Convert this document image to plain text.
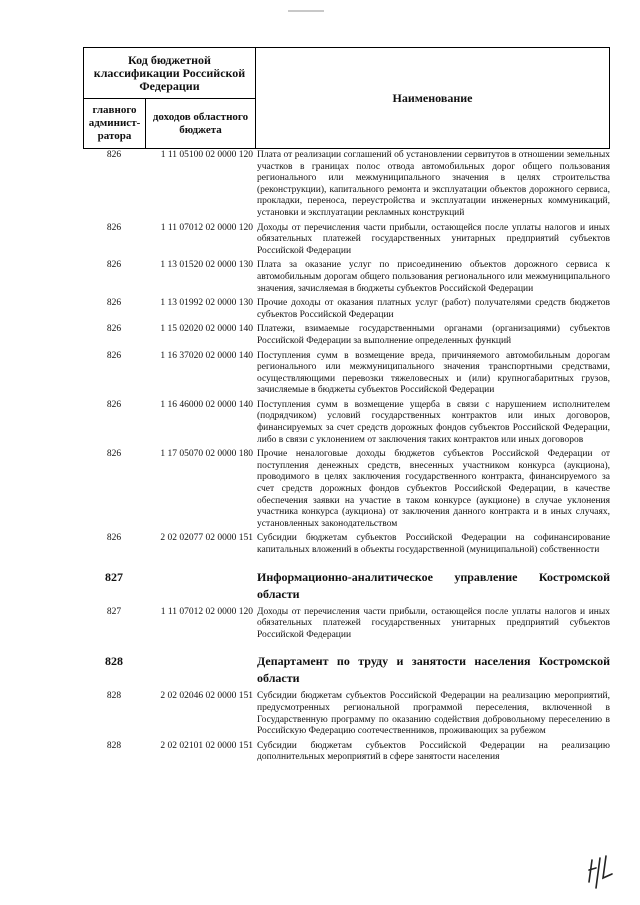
Код бюджетной классификации Российской Федерации		Наименование
главного админист-ратора	доходов областного бюджета	
826	1 11 05100 02 0000 120 Плата от реализации соглашений об установлении сервитутов в отношении земельных участков в границах полос отвода автомобильных дорог общего пользования регионального или межмуниципального значения в целях строительства (реконструкции), капитального ремонта и эксплуатации объектов дорожного сервиса, прокладки, переноса, переустройства и эксплуатации инженерных коммуникаций, установки и эксплуатации рекламных конструкций
826	1 11 07012 02 0000 120 Доходы от перечисления части прибыли, остающейся после уплаты налогов и иных обязательных платежей государственных унитарных предприятий субъектов Российской Федерации
826	1 13 01520 02 0000 130 Плата за оказание услуг по присоединению объектов дорожного сервиса к автомобильным дорогам общего пользования регионального или межмуниципального значения, зачисляемая в бюджеты субъектов Российской Федерации
826	1 13 01992 02 0000 130 Прочие доходы от оказания платных услуг (работ) получателями средств бюджетов субъектов Российской Федерации
826	1 15 02020 02 0000 140 Платежи, взимаемые государственными органами (организациями) субъектов Российской Федерации за выполнение определенных функций
826	1 16 37020 02 0000 140 Поступления сумм в возмещение вреда, причиняемого автомобильным дорогам регионального или межмуниципального значения транспортными средствами, осуществляющими перевозки тяжеловесных и (или) крупногабаритных грузов, зачисляемые в бюджеты субъектов Российской Федерации
826	1 16 46000 02 0000 140 Поступления сумм в возмещение ущерба в связи с нарушением исполнителем (подрядчиком) условий государственных контрактов или иных договоров, финансируемых за счет средств дорожных фондов субъектов Российской Федерации, либо в связи с уклонением от заключения таких контрактов или иных договоров
826	1 17 05070 02 0000 180 Прочие неналоговые доходы бюджетов субъектов Российской Федерации от поступления денежных средств, внесенных участником конкурса (аукциона), проводимого в целях заключения государственного контракта, финансируемого за счет средств дорожных фондов субъектов Российской Федерации, в качестве обеспечения заявки на участие в таком конкурсе (аукционе) в случае уклонения участника конкурса (аукциона) от заключения данного контракта и в иных случаях, установленных законодательством
826	2 02 02077 02 0000 151 Субсидии бюджетам субъектов Российской Федерации на софинансирование капитальных вложений в объекты государственной (муниципальной) собственности
827	Информационно-аналитическое управление Костромской области
827	1 11 07012 02 0000 120 Доходы от перечисления части прибыли, остающейся после уплаты налогов и иных обязательных платежей государственных унитарных предприятий субъектов Российской Федерации
828	Департамент по труду и занятости населения Костромской области
828	2 02 02046 02 0000 151 Субсидии бюджетам субъектов Российской Федерации на реализацию мероприятий, предусмотренных региональной программой переселения, включенной в Государственную программу по оказанию содействия добровольному переселению в Российскую Федерацию соотечественников, проживающих за рубежом
828	2 02 02101 02 0000 151 Субсидии бюджетам субъектов Российской Федерации на реализацию дополнительных мероприятий в сфере занятости населения
